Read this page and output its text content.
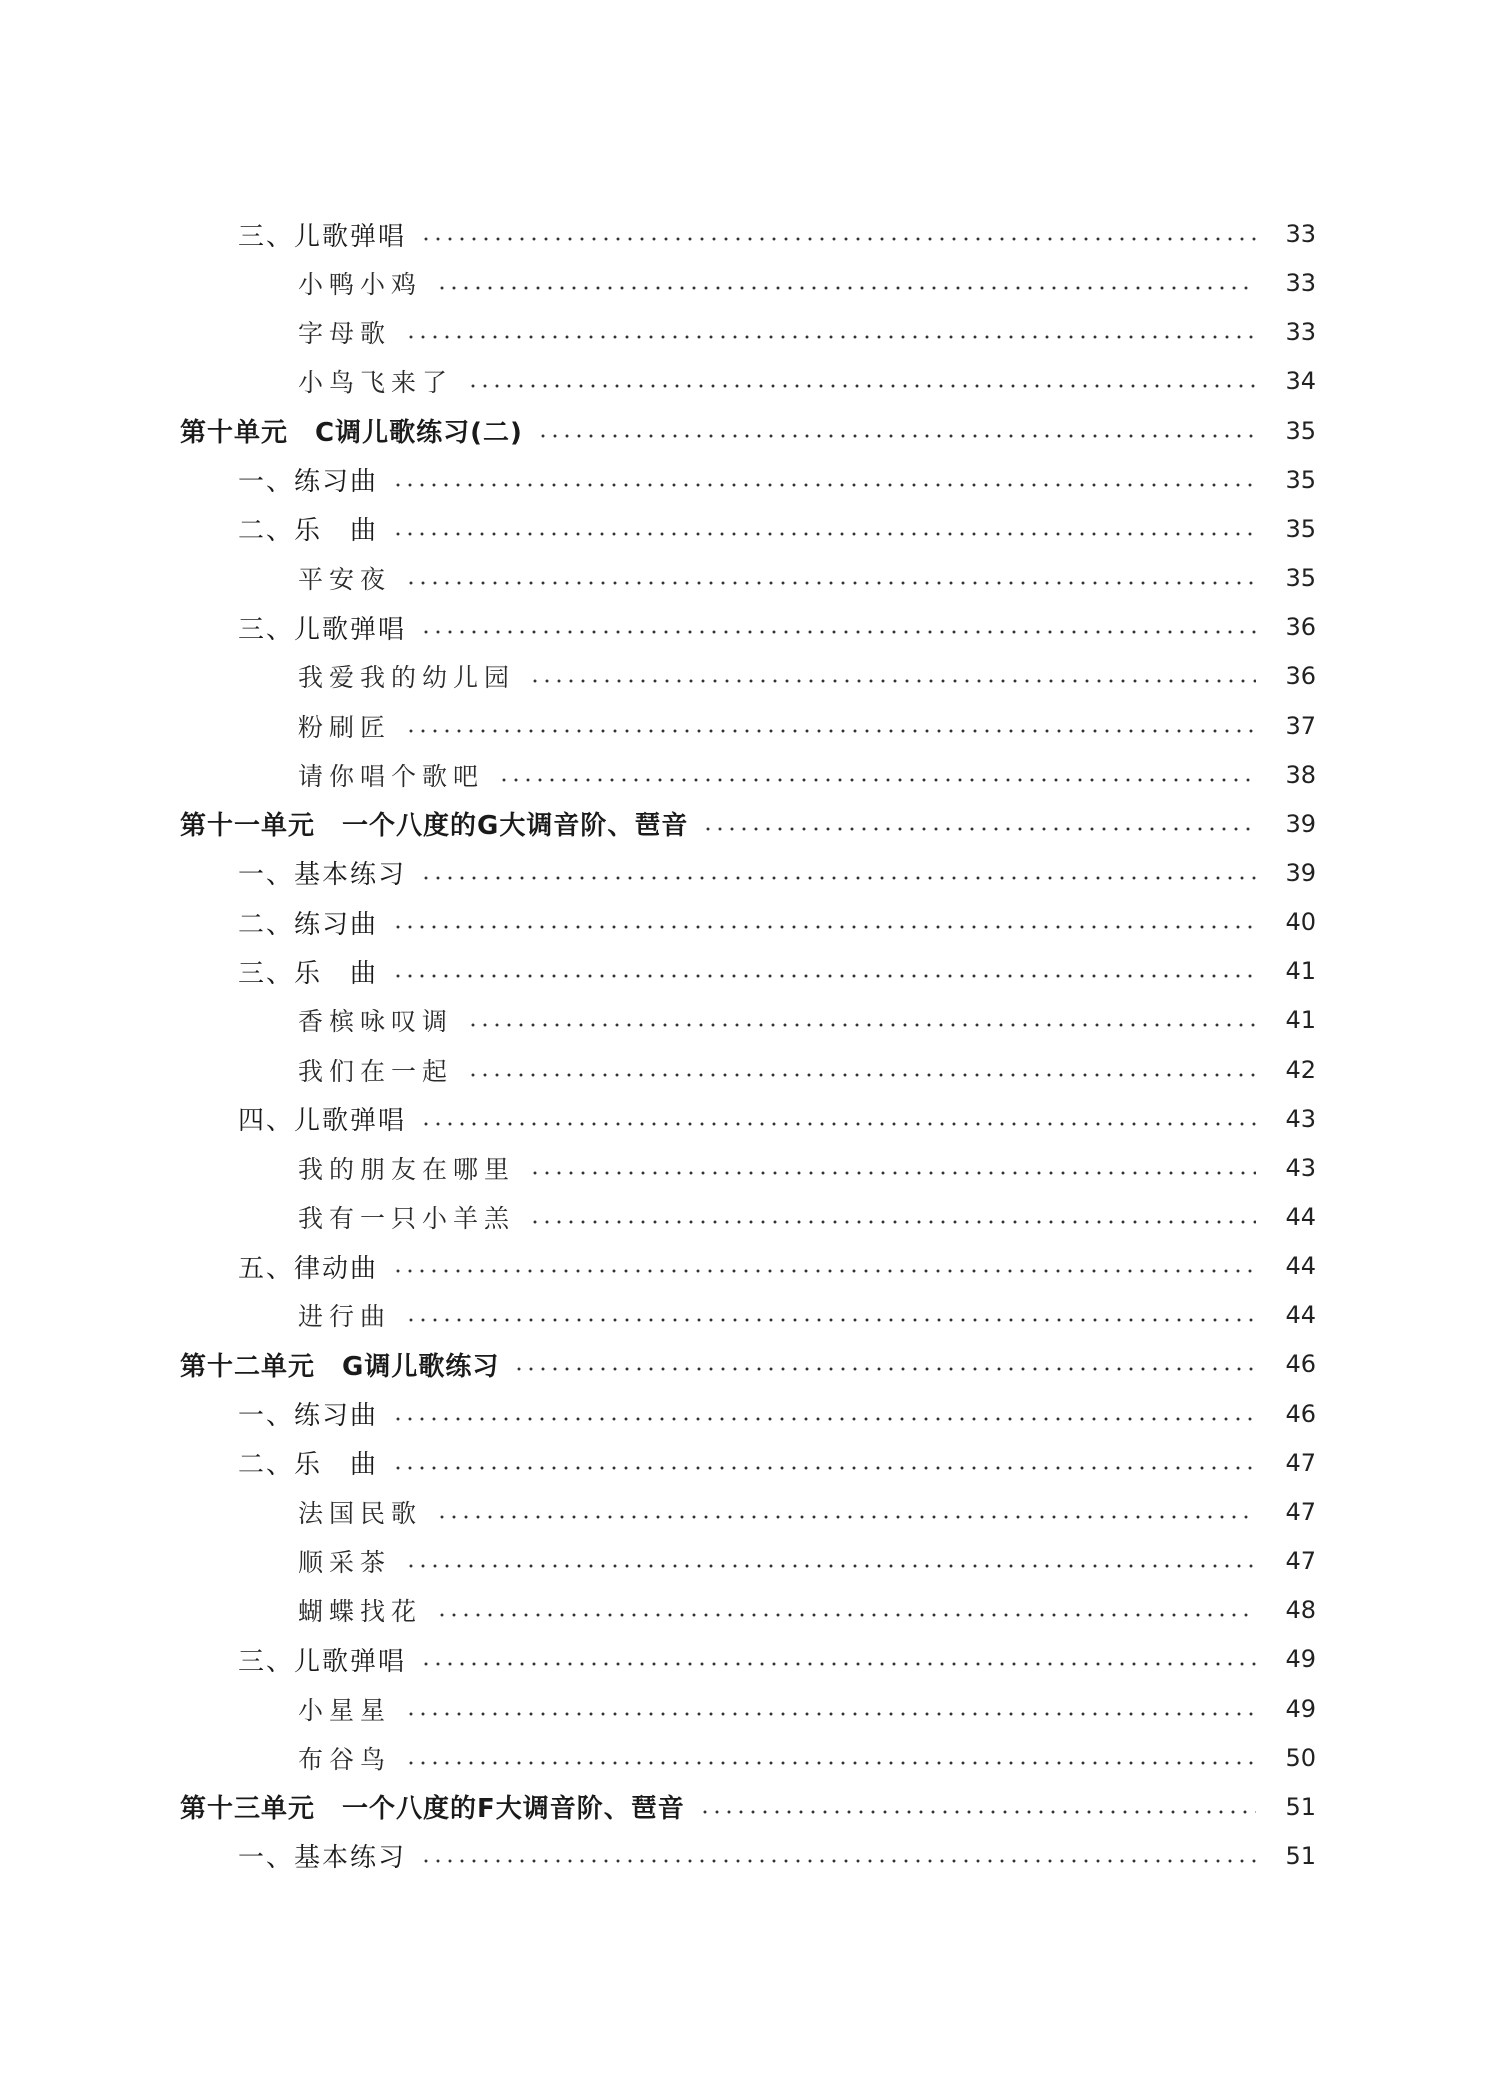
三、儿歌弹唱	33
小鸭小鸡	33
字母歌	33
小鸟飞来了	34
第十单元　C调儿歌练习(二)	35
一、练习曲	35
二、乐　曲	35
平安夜	35
三、儿歌弹唱	36
我爱我的幼儿园	36
粉刷匠	37
请你唱个歌吧	38
第十一单元　一个八度的G大调音阶、琶音	39
一、基本练习	39
二、练习曲	40
三、乐　曲	41
香槟咏叹调	41
我们在一起	42
四、儿歌弹唱	43
我的朋友在哪里	43
我有一只小羊羔	44
五、律动曲	44
进行曲	44
第十二单元　G调儿歌练习	46
一、练习曲	46
二、乐　曲	47
法国民歌	47
顺采茶	47
蝴蝶找花	48
三、儿歌弹唱	49
小星星	49
布谷鸟	50
第十三单元　一个八度的F大调音阶、琶音	51
一、基本练习	51
